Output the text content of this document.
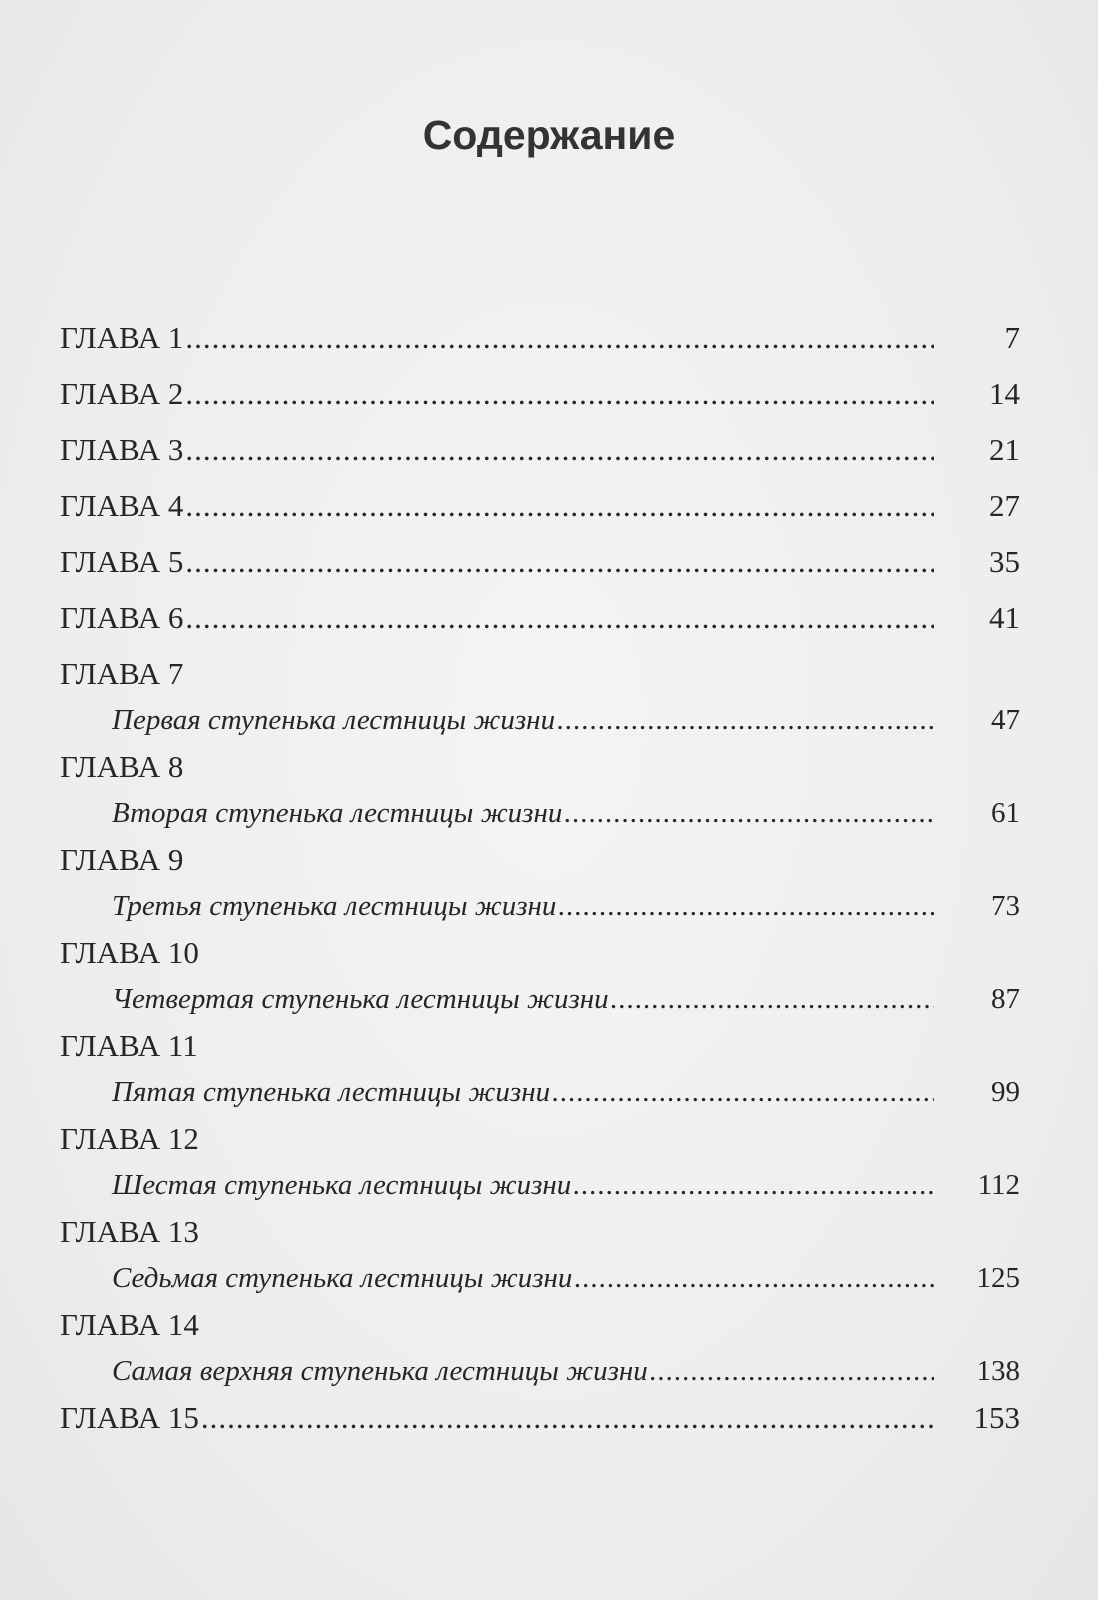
Содержание
ГЛАВА 1 .....	7
ГЛАВА 2 .....	14
ГЛАВА 3 .....	21
ГЛАВА 4 .....	27
ГЛАВА 5 .....	35
ГЛАВА 6 .....	41
ГЛАВА 7
Первая ступенька лестницы жизни .....	47
ГЛАВА 8
Вторая ступенька лестницы жизни .....	61
ГЛАВА 9
Третья ступенька лестницы жизни .....	73
ГЛАВА 10
Четвертая ступенька лестницы жизни .....	87
ГЛАВА 11
Пятая ступенька лестницы жизни .....	99
ГЛАВА 12
Шестая ступенька лестницы жизни .....	112
ГЛАВА 13
Седьмая ступенька лестницы жизни .....	125
ГЛАВА 14
Самая верхняя ступенька лестницы жизни .....	138
ГЛАВА 15 .....	153
